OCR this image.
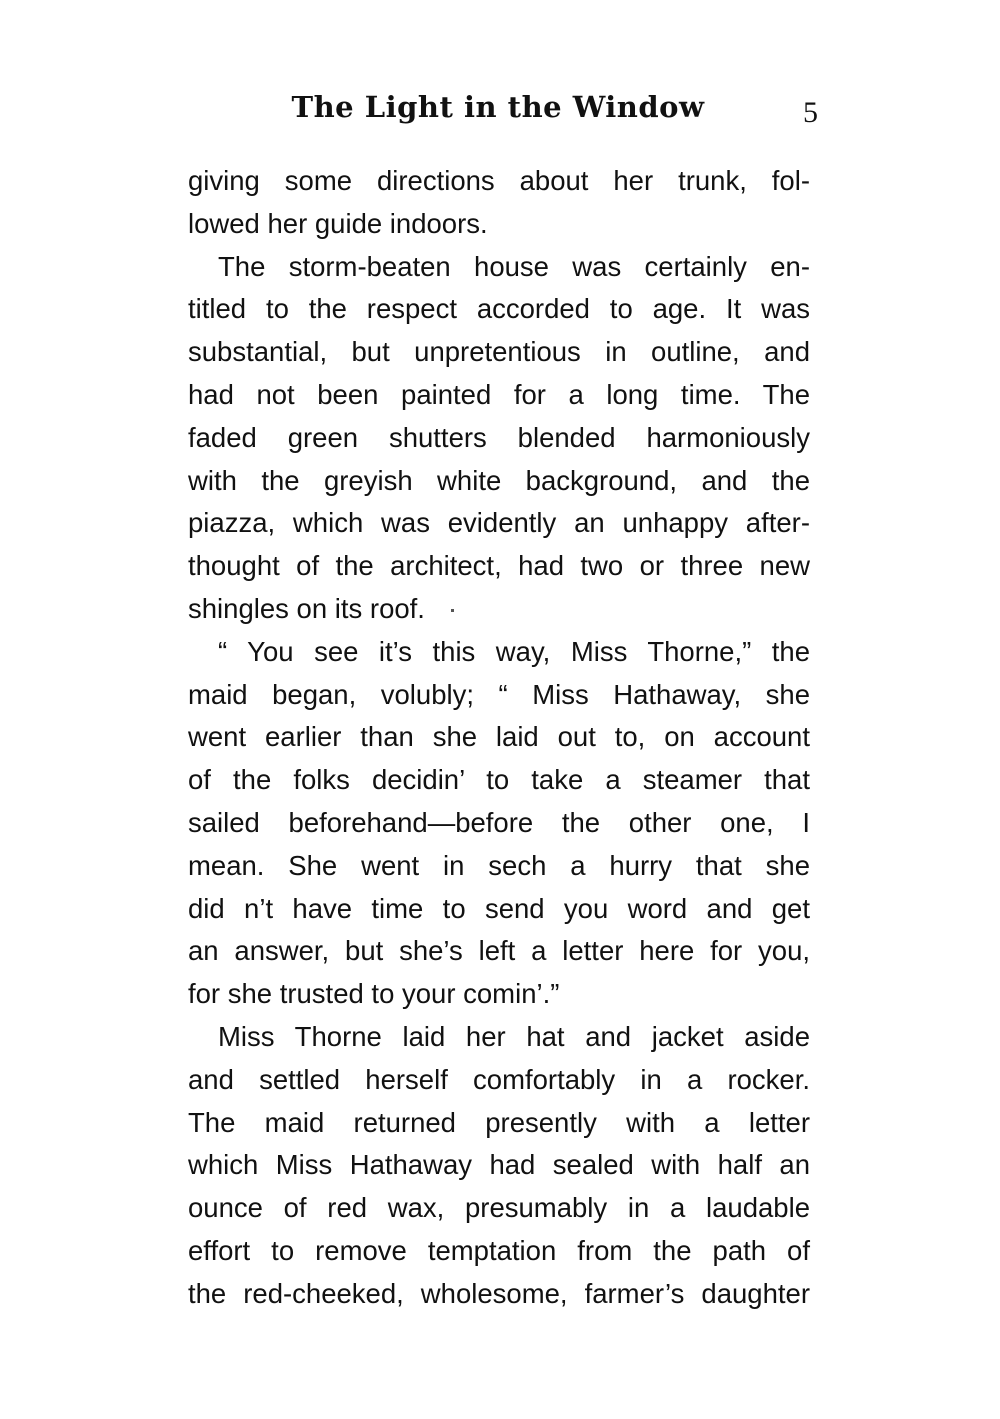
The Light in the Window	5
giving some directions about her trunk, fol-
lowed her guide indoors.
The storm-beaten house was certainly en-
titled to the respect accorded to age. It was
substantial, but unpretentious in outline, and
had not been painted for a long time. The
faded green shutters blended harmoniously
with the greyish white background, and the
piazza, which was evidently an unhappy after-
thought of the architect, had two or three new
shingles on its roof.
“ You see it’s this way, Miss Thorne,” the
maid began, volubly; “ Miss Hathaway, she
went earlier than she laid out to, on account
of the folks decidin’ to take a steamer that
sailed beforehand—before the other one, I
mean. She went in sech a hurry that she
did n’t have time to send you word and get
an answer, but she’s left a letter here for you,
for she trusted to your comin’.”
Miss Thorne laid her hat and jacket aside
and settled herself comfortably in a rocker.
The maid returned presently with a letter
which Miss Hathaway had sealed with half an
ounce of red wax, presumably in a laudable
effort to remove temptation from the path of
the red-cheeked, wholesome, farmer’s daughter
